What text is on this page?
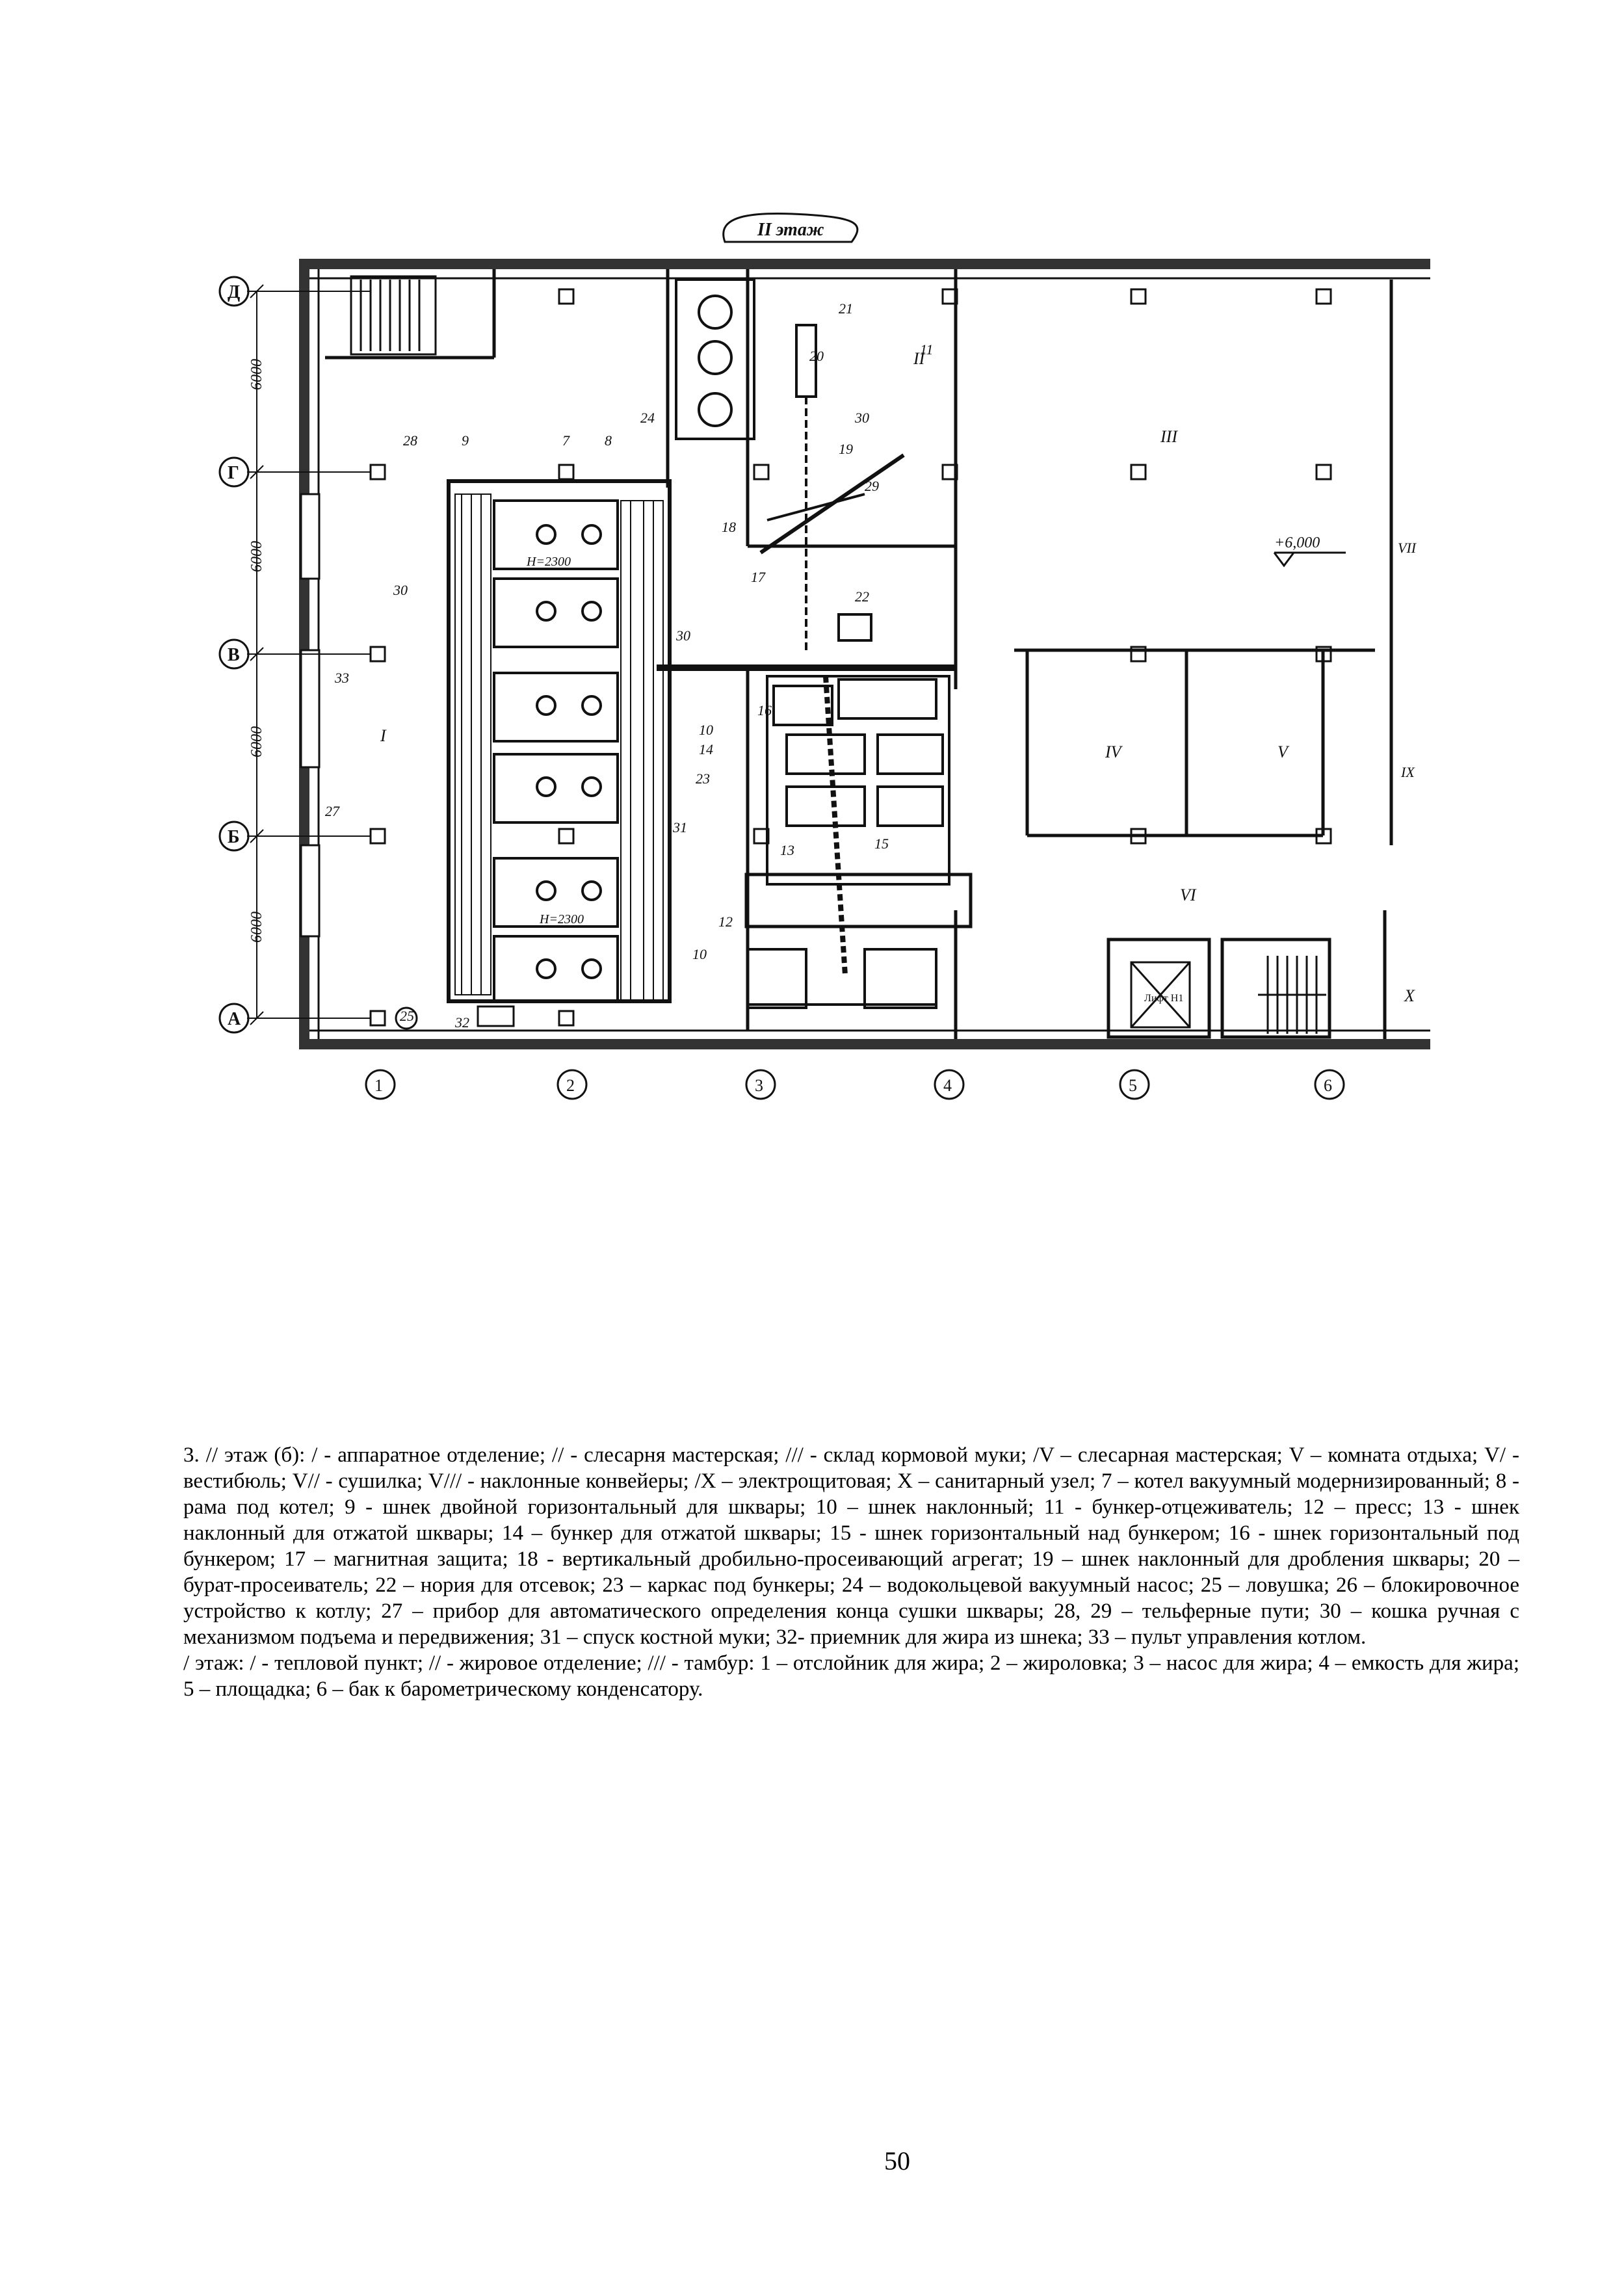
II этаж
Д
Г
В
Б
А
1	2	3	4	5	6
6000
6000
6000
6000
+6,000
I
II
III
IV	V
VI
VII
IX
X
7 8
9
10
10
11
12
13
14
15
16
17
18
19
20
21
22
23
24
25
27
28
29
30
30
30
31
32
33
Н=2300
Н=2300
Лифт Н1

3. // этаж (б): / - аппаратное отделение; // - слесарня мастерская; /// - склад кормовой муки; /V – слесарная мастерская; V – комната отдыха; V/ - вестибюль; V// - сушилка; V/// - наклонные конвейеры; /X – электрощитовая; Х – санитарный узел; 7 – котел вакуумный модернизированный; 8 - рама под котел; 9 - шнек двойной горизонтальный для шквары; 10 – шнек наклонный; 11 - бункер-отцеживатель; 12 – пресс; 13 - шнек наклонный для отжатой шквары; 14 – бункер для отжатой шквары; 15 - шнек горизонтальный над бункером; 16 - шнек горизонтальный под бункером; 17 – магнитная защита; 18 - вертикальный дробильно-просеивающий агрегат; 19 – шнек наклонный для дробления шквары; 20 – бурат-просеиватель; 22 – нория для отсевок; 23 – каркас под бункеры; 24 – водокольцевой вакуумный насос; 25 – ловушка; 26 – блокировочное устройство к котлу; 27 – прибор для автоматического определения конца сушки шквары; 28, 29 – тельферные пути; 30 – кошка ручная с механизмом подъема и передвижения; 31 – спуск костной муки; 32- приемник для жира из шнека; 33 – пульт управления котлом.

/ этаж: / - тепловой пункт; // - жировое отделение; /// - тамбур: 1 – отслойник для жира; 2 – жироловка; 3 – насос для жира; 4 – емкость для жира; 5 – площадка; 6 – бак к барометрическому конденсатору.

50
